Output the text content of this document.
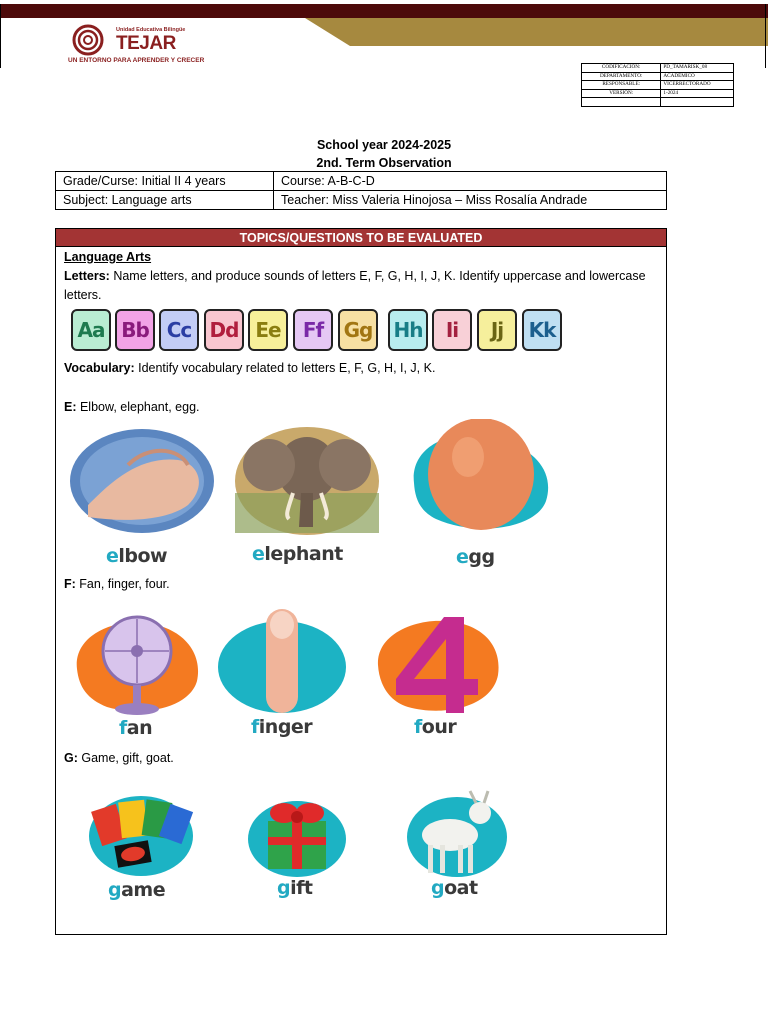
Unidad Educativa Bilingüe
TEJAR
UN ENTORNO PARA APRENDER Y CRECER
CODIFICACIÓN:	PD_TAMARISK_08
DEPARTAMENTO:	ACADÉMICO
RESPONSABLE:	VICERRECTORADO
VERSIÓN:	1-2024

School year 2024-2025
2nd. Term Observation
Grade/Curse: Initial II 4 years	Course: A-B-C-D
Subject: Language arts	Teacher: Miss Valeria Hinojosa – Miss Rosalía Andrade
TOPICS/QUESTIONS TO BE EVALUATED
Language Arts
Letters: Name letters, and produce sounds of letters E, F, G, H, I, J, K. Identify uppercase and lowercase letters.
Aa Bb Cc Dd Ee	Ff	Gg Hh	Ii	Jj	Kk
Vocabulary: Identify vocabulary related to letters E, F, G, H, I, J, K.
E: Elbow, elephant, egg.
elbow	elephant	egg
F: Fan, finger, four.
fan	finger	four
G: Game, gift, goat.
game	gift	goat
